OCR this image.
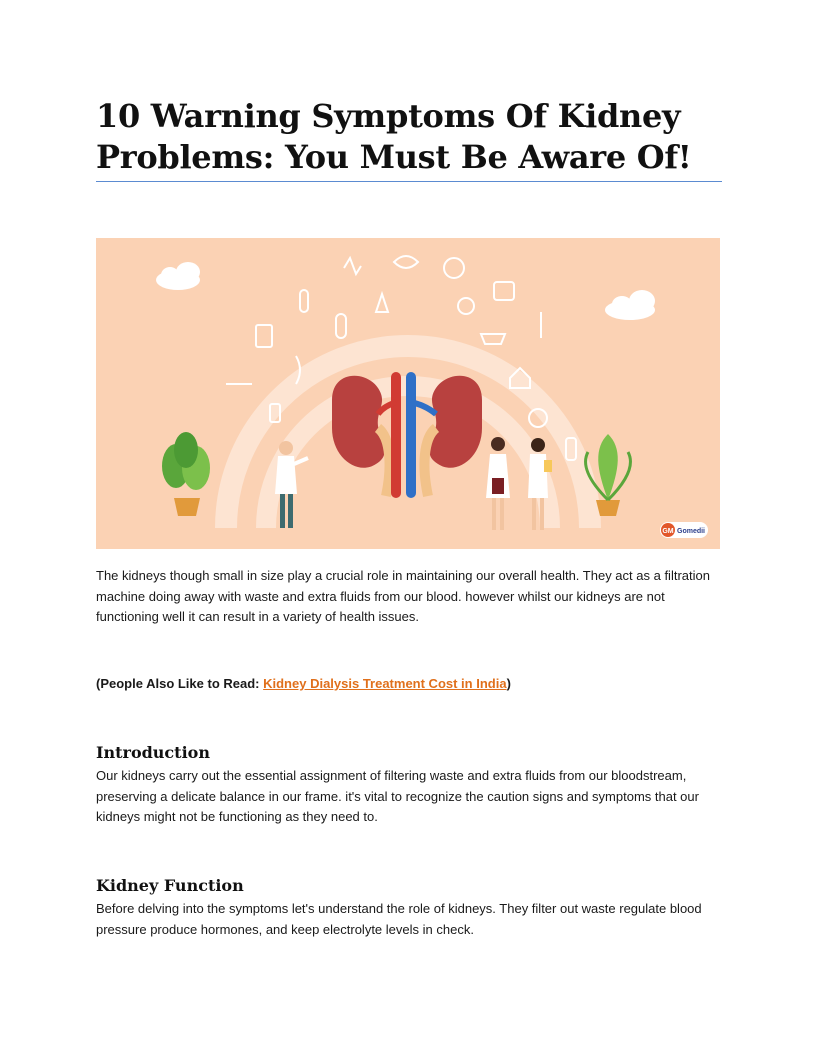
10 Warning Symptoms Of Kidney Problems: You Must Be Aware Of!
GM Gomedii

The kidneys though small in size play a crucial role in maintaining our overall health. They act as a filtration machine doing away with waste and extra fluids from our blood. however whilst our kidneys are not functioning well it can result in a variety of health issues.

(People Also Like to Read: Kidney Dialysis Treatment Cost in India)
Introduction

Our kidneys carry out the essential assignment of filtering waste and extra fluids from our bloodstream, preserving a delicate balance in our frame. it's vital to recognize the caution signs and symptoms that our kidneys might not be functioning as they need to.

Kidney Function

Before delving into the symptoms let's understand the role of kidneys. They filter out waste regulate blood pressure produce hormones, and keep electrolyte levels in check.
